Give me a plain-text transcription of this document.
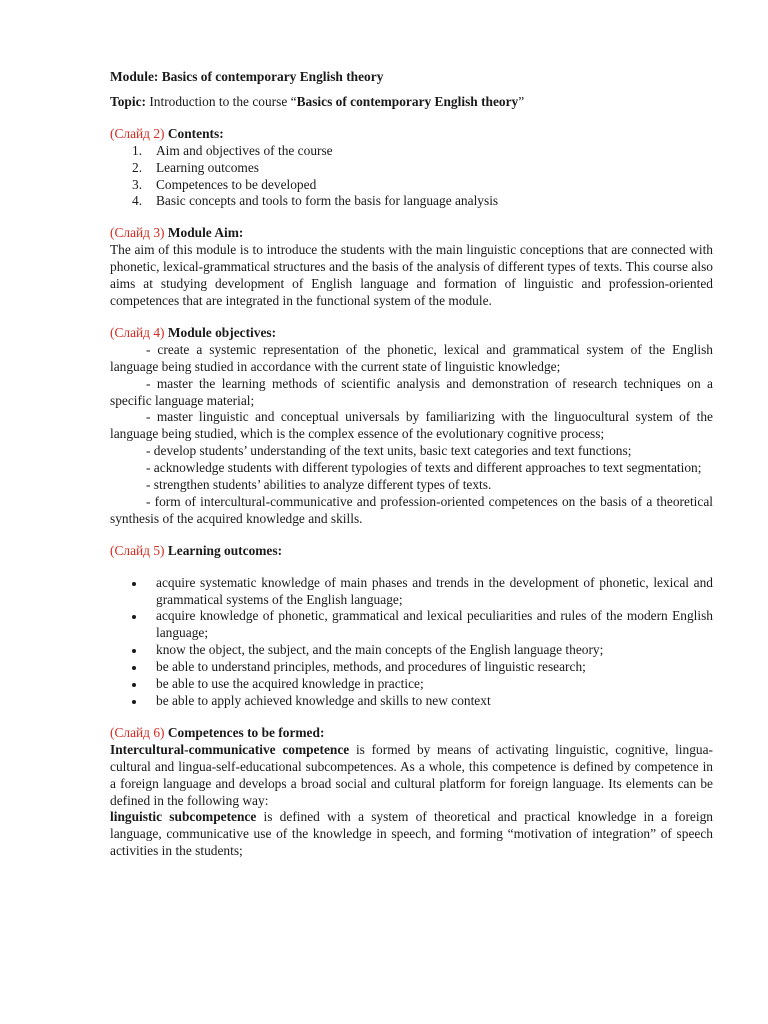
Module: Basics of contemporary English theory

Topic: Introduction to the course “Basics of contemporary English theory”

(Слайд 2) Contents:

1. Aim and objectives of the course
2. Learning outcomes
3. Competences to be developed
4. Basic concepts and tools to form the basis for language analysis

(Слайд 3) Module Aim:

The aim of this module is to introduce the students with the main linguistic conceptions that are connected with phonetic, lexical-grammatical structures and the basis of the analysis of different types of texts. This course also aims at studying development of English language and formation of linguistic and profession-oriented competences that are integrated in the functional system of the module.

(Слайд 4) Module objectives:

- create a systemic representation of the phonetic, lexical and grammatical system of the English language being studied in accordance with the current state of linguistic knowledge;

- master the learning methods of scientific analysis and demonstration of research techniques on a specific language material;

- master linguistic and conceptual universals by familiarizing with the linguocultural system of the language being studied, which is the complex essence of the evolutionary cognitive process;

- develop students’ understanding of the text units, basic text categories and text functions;

- acknowledge students with different typologies of texts and different approaches to text segmentation;

- strengthen students’ abilities to analyze different types of texts.

- form of intercultural-communicative and profession-oriented competences on the basis of a theoretical synthesis of the acquired knowledge and skills.

(Слайд 5) Learning outcomes:

acquire systematic knowledge of main phases and trends in the development of phonetic, lexical and grammatical systems of the English language;
acquire knowledge of phonetic, grammatical and lexical peculiarities and rules of the modern English language;
know the object, the subject, and the main concepts of the English language theory;
be able to understand principles, methods, and procedures of linguistic research;
be able to use the acquired knowledge in practice;
be able to apply achieved knowledge and skills to new context

(Слайд 6) Competences to be formed:

Intercultural-communicative competence is formed by means of activating linguistic, cognitive, lingua-cultural and lingua-self-educational subcompetences. As a whole, this competence is defined by competence in a foreign language and develops a broad social and cultural platform for foreign language. Its elements can be defined in the following way:

linguistic subcompetence is defined with a system of theoretical and practical knowledge in a foreign language, communicative use of the knowledge in speech, and forming “motivation of integration” of speech activities in the students;
